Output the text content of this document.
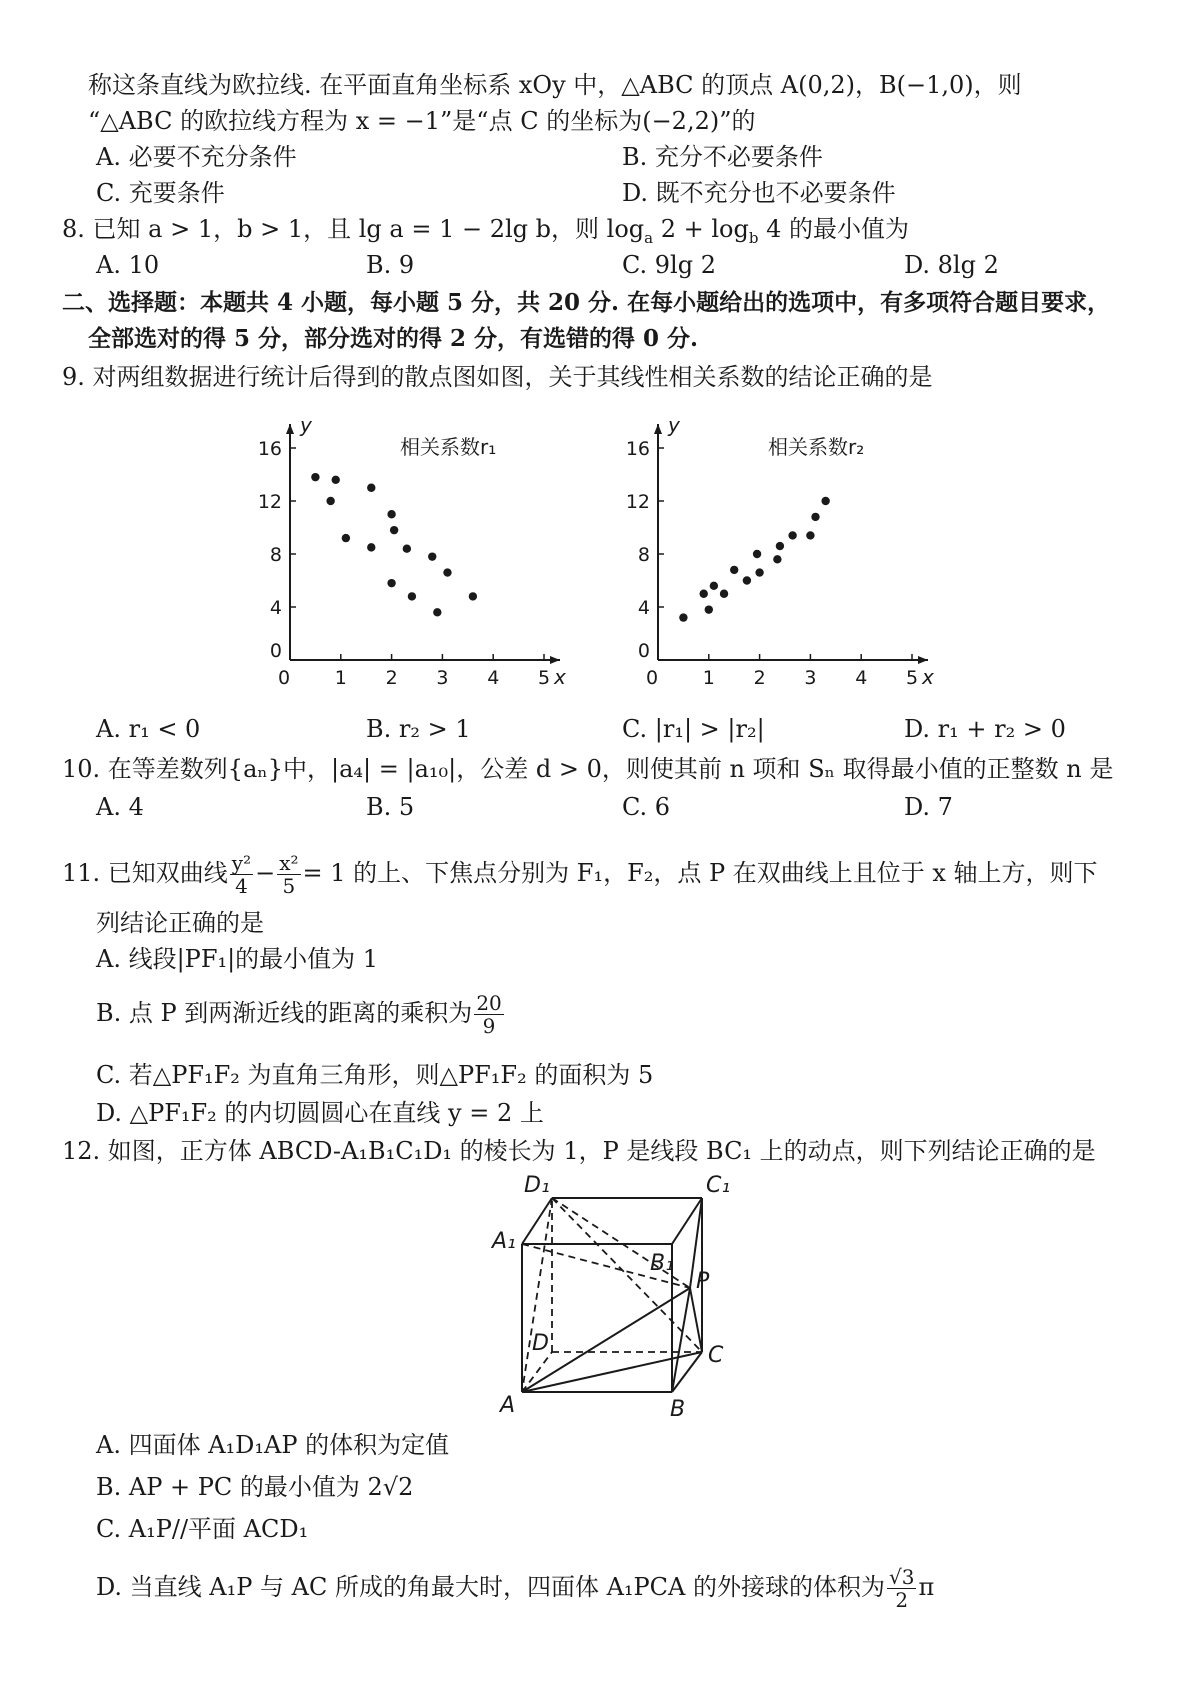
称这条直线为欧拉线. 在平面直角坐标系 xOy 中，△ABC 的顶点 A(0,2)，B(−1,0)，则
“△ABC 的欧拉线方程为 x = −1”是“点 C 的坐标为(−2,2)”的
A. 必要不充分条件	B. 充分不必要条件
C. 充要条件	D. 既不充分也不必要条件
8. 已知 a > 1，b > 1，且 lg a = 1 − 2lg b，则 $\log_a 2 + \log_b 4$ 的最小值为
A. 10	B. 9	C. 9lg 2	D. 8lg 2
二、选择题：本题共 4 小题，每小题 5 分，共 20 分. 在每小题给出的选项中，有多项符合题目要求，
全部选对的得 5 分，部分选对的得 2 分，有选错的得 0 分.
9. 对两组数据进行统计后得到的散点图如图，关于其线性相关系数的结论正确的是
x
y
0 1 2 3 4 5
0
4
8
12
16	相关系数r₁
x
y
0 1 2 3 4 5
0
4
8
12
16	相关系数r₂
A. r₁ < 0	B. r₂ > 1	C. |r₁| > |r₂|	D. r₁ + r₂ > 0
10. 在等差数列{aₙ}中，|a₄| = |a₁₀|，公差 d > 0，则使其前 n 项和 Sₙ 取得最小值的正整数 n 是
A. 4	B. 5	C. 6	D. 7
11. 已知双曲线 $\frac{\text{y²}}{4} - \frac{\text{x²}}{5} = 1$ 的上、下焦点分别为 F₁，F₂，点 P 在双曲线上且位于 x 轴上方，则下
列结论正确的是
A. 线段|PF₁|的最小值为 1
B. 点 P 到两渐近线的距离的乘积为 $\frac{20}{9}$
C. 若△PF₁F₂ 为直角三角形，则△PF₁F₂ 的面积为 5
D. △PF₁F₂ 的内切圆圆心在直线 y = 2 上
12. 如图，正方体 ABCD-A₁B₁C₁D₁ 的棱长为 1，P 是线段 BC₁ 上的动点，则下列结论正确的是
D₁	C₁
A₁
B₁
P
D	C
A	B
A. 四面体 A₁D₁AP 的体积为定值
B. AP + PC 的最小值为 2√2
C. A₁P//平面 ACD₁
D. 当直线 A₁P 与 AC 所成的角最大时，四面体 A₁PCA 的外接球的体积为 $\frac{√3}{2}$ π
